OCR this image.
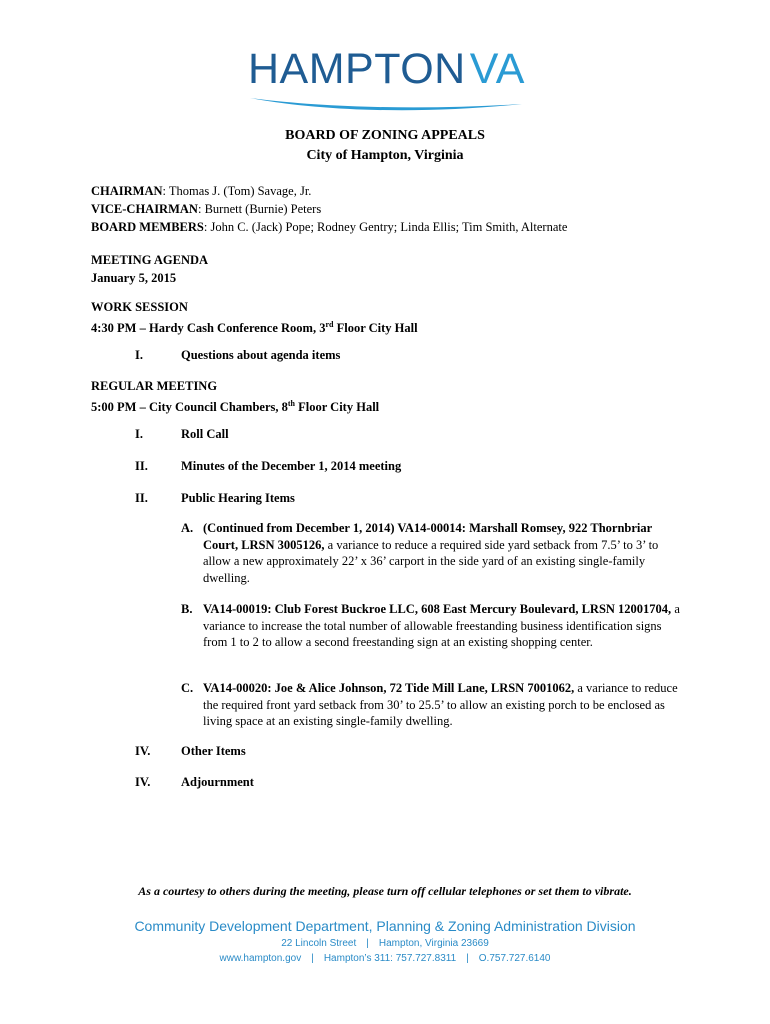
HAMPTONVA
BOARD OF ZONING APPEALS
City of Hampton, Virginia
CHAIRMAN: Thomas J. (Tom) Savage, Jr.
VICE-CHAIRMAN: Burnett (Burnie) Peters
BOARD MEMBERS: John C. (Jack) Pope; Rodney Gentry; Linda Ellis; Tim Smith, Alternate
MEETING AGENDA
January 5, 2015
WORK SESSION
4:30 PM – Hardy Cash Conference Room, 3rd Floor City Hall
I.	Questions about agenda items
REGULAR MEETING
5:00 PM – City Council Chambers, 8th Floor City Hall
I.	Roll Call
II.	Minutes of the December 1, 2014 meeting
II.	Public Hearing Items
A. (Continued from December 1, 2014) VA14-00014: Marshall Romsey, 922 Thornbriar Court, LRSN 3005126, a variance to reduce a required side yard setback from 7.5’ to 3’ to allow a new approximately 22’ x 36’ carport in the side yard of an existing single-family dwelling.
B. VA14-00019: Club Forest Buckroe LLC, 608 East Mercury Boulevard, LRSN 12001704, a variance to increase the total number of allowable freestanding business identification signs from 1 to 2 to allow a second freestanding sign at an existing shopping center.
C. VA14-00020: Joe & Alice Johnson, 72 Tide Mill Lane, LRSN 7001062, a variance to reduce the required front yard setback from 30’ to 25.5’ to allow an existing porch to be enclosed as living space at an existing single-family dwelling.
IV. Other Items
IV. Adjournment
As a courtesy to others during the meeting, please turn off cellular telephones or set them to vibrate.
Community Development Department, Planning & Zoning Administration Division
22 Lincoln Street | Hampton, Virginia 23669
www.hampton.gov | Hampton’s 311: 757.727.8311 | O.757.727.6140
